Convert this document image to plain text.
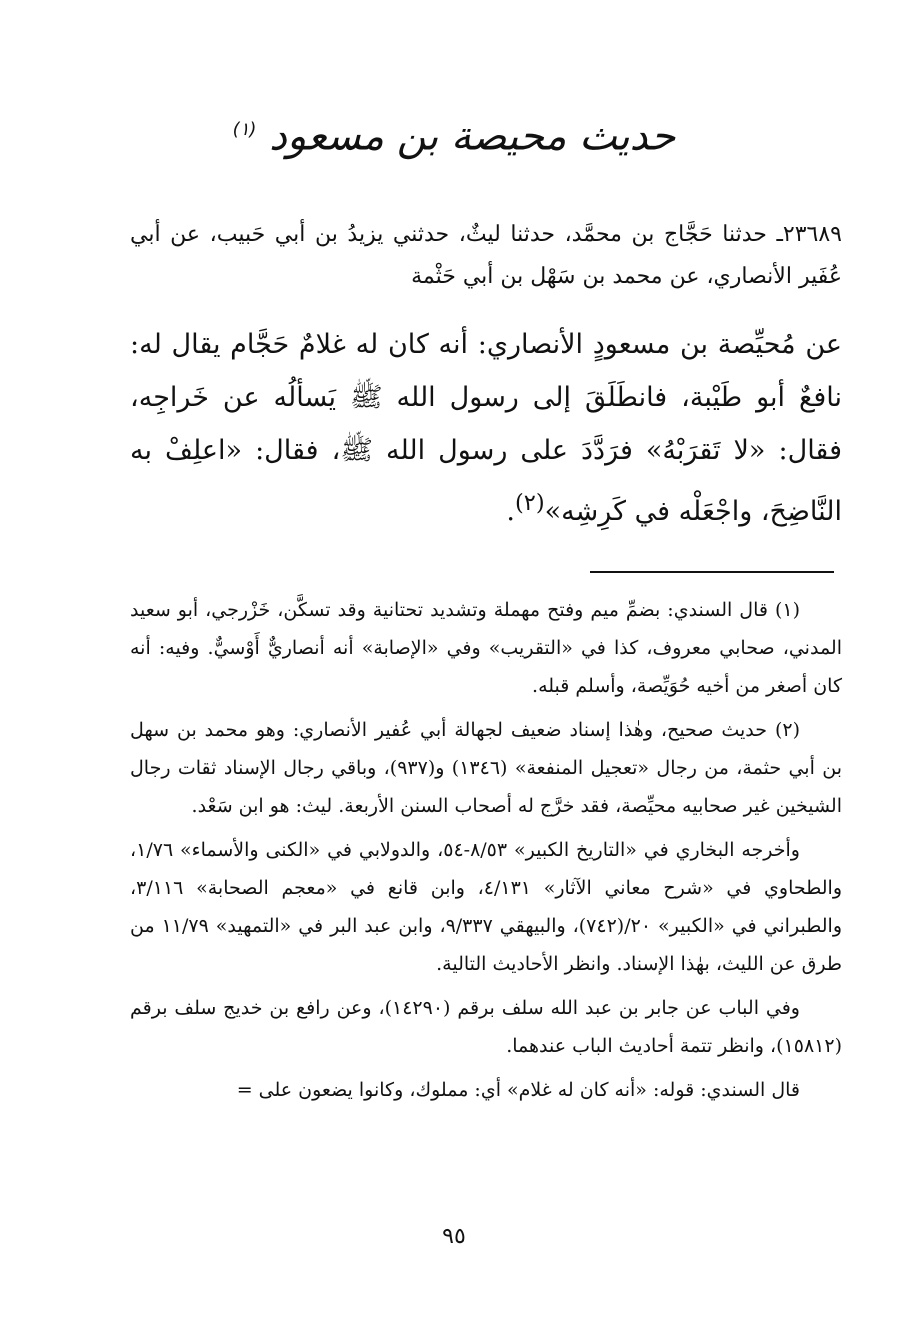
حديث محيصة بن مسعود $^{(١)}$

٢٣٦٨٩ـ حدثنا حَجَّاج بن محمَّد، حدثنا ليثٌ، حدثني يزيدُ بن أبي حَبيب، عن أبي عُفَير الأنصاري، عن محمد بن سَهْل بن أبي حَثْمة

عن مُحيِّصة بن مسعودٍ الأنصاري: أنه كان له غلامٌ حَجَّام يقال له: نافعٌ أبو طَيْبة، فانطَلَقَ إلى رسول الله ﷺ يَسألُه عن خَراجِه، فقال: «لا تَقرَبْهُ» فرَدَّدَ على رسول الله ﷺ، فقال: «اعلِفْ به النَّاضِحَ، واجْعَلْه في كَرِشِه»$^{(٢)}$.

(١) قال السندي: بضمِّ ميم وفتح مهملة وتشديد تحتانية وقد تسكَّن، خَزْرجي، أبو سعيد المدني، صحابي معروف، كذا في «التقريب» وفي «الإصابة» أنه أنصاريٌّ أَوْسيٌّ. وفيه: أنه كان أصغر من أخيه حُوَيِّصة، وأسلم قبله.

(٢) حديث صحيح، وهٰذا إسناد ضعيف لجهالة أبي عُفير الأنصاري: وهو محمد بن سهل بن أبي حثمة، من رجال «تعجيل المنفعة» (١٣٤٦) و(٩٣٧)، وباقي رجال الإسناد ثقات رجال الشيخين غير صحابيه محيِّصة، فقد خرَّج له أصحاب السنن الأربعة. ليث: هو ابن سَعْد.

وأخرجه البخاري في «التاريخ الكبير» ٨/٥٣-٥٤، والدولابي في «الكنى والأسماء» ١/٧٦، والطحاوي في «شرح معاني الآثار» ٤/١٣١، وابن قانع في «معجم الصحابة» ٣/١١٦، والطبراني في «الكبير» ٢٠/(٧٤٢)، والبيهقي ٩/٣٣٧، وابن عبد البر في «التمهيد» ١١/٧٩ من طرق عن الليث، بهٰذا الإسناد. وانظر الأحاديث التالية.

وفي الباب عن جابر بن عبد الله سلف برقم (١٤٢٩٠)، وعن رافع بن خديج سلف برقم (١٥٨١٢)، وانظر تتمة أحاديث الباب عندهما.

قال السندي: قوله: «أنه كان له غلام» أي: مملوك، وكانوا يضعون على =

٩٥
